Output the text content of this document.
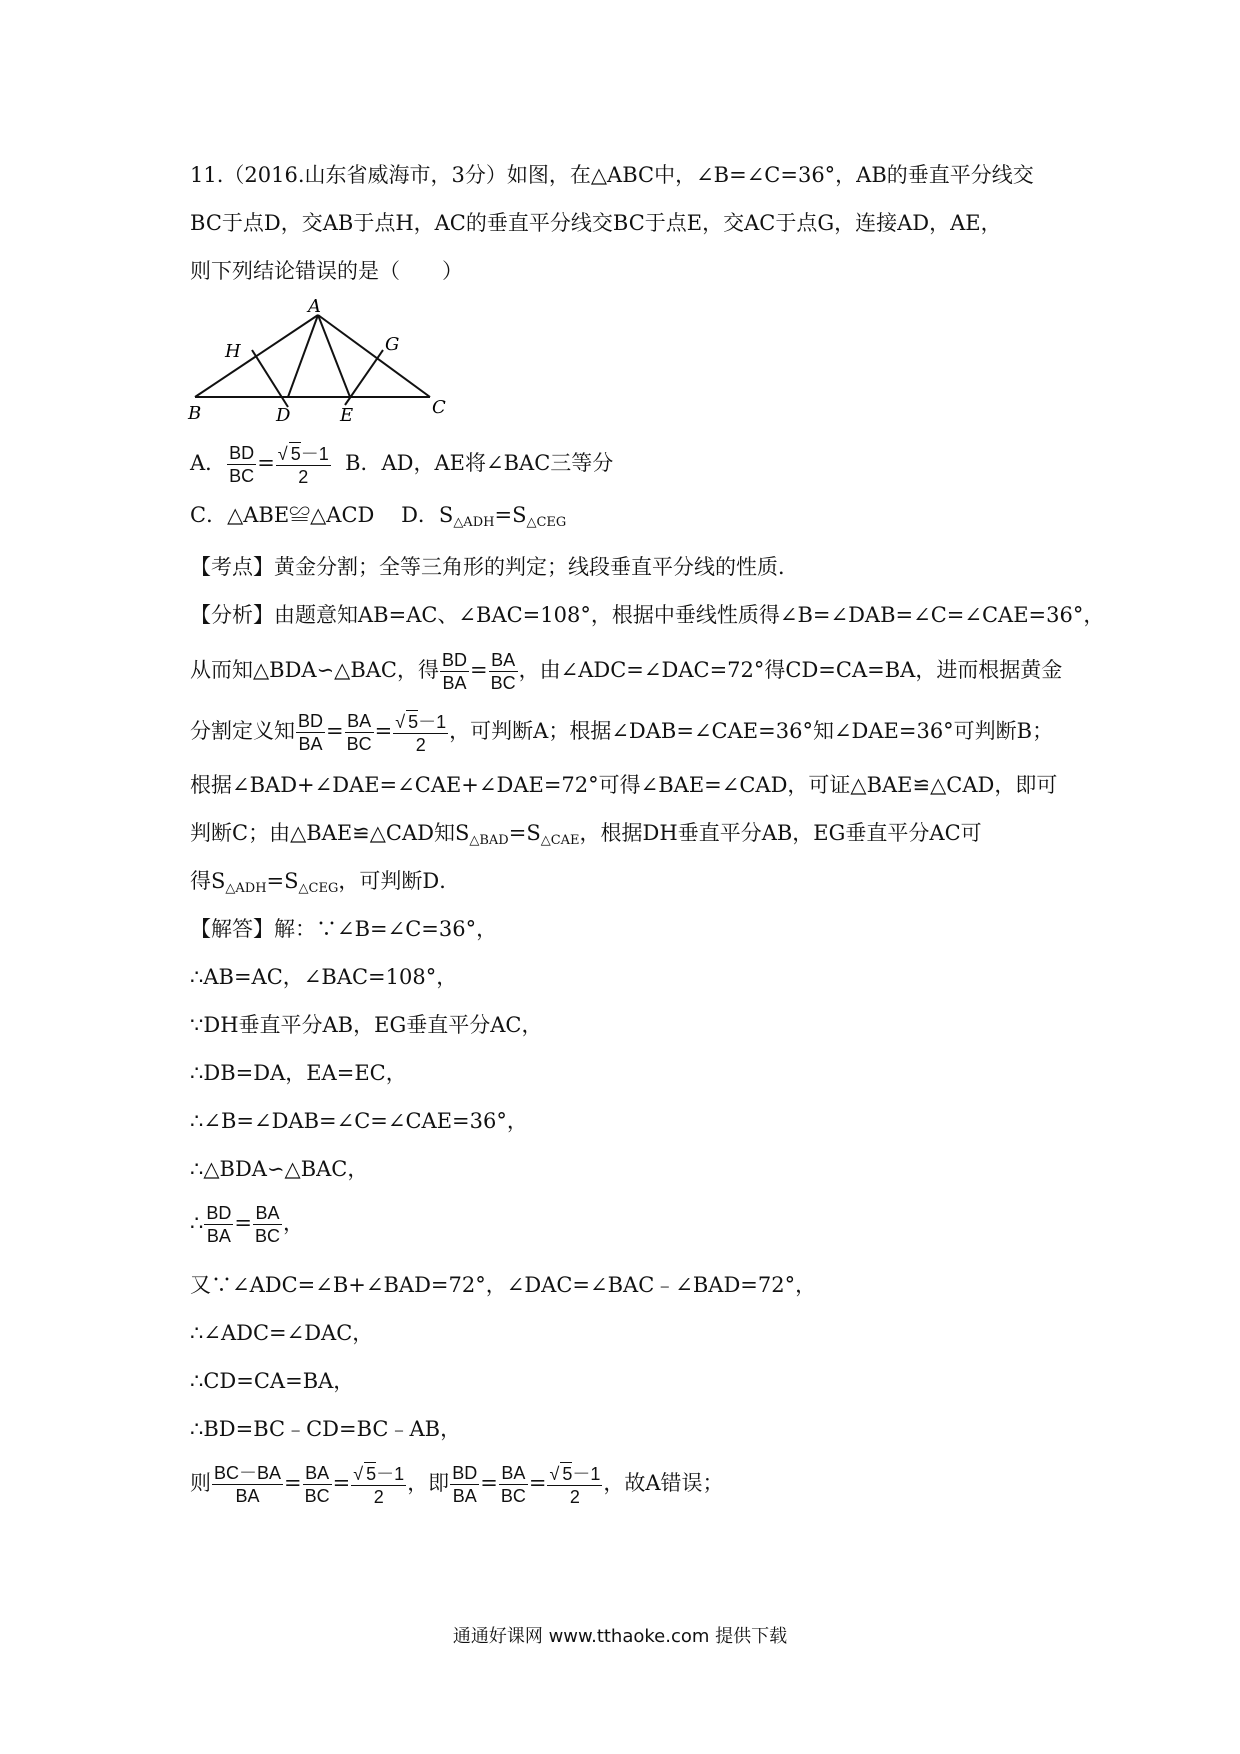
11.（2016.山东省威海市，3分）如图，在△ABC中，∠B=∠C=36°，AB的垂直平分线交
BC于点D，交AB于点H，AC的垂直平分线交BC于点E，交AC于点G，连接AD，AE，
则下列结论错误的是（　　）
A
B	C
D	E
H	G
A． $\frac{BD}{BC} = \frac{√ 5-1}{2}$ B．AD，AE将∠BAC三等分
C．△ABE≌△ACD D．$S_{\triangle ADH}=S_{\triangle CEG}$
【考点】黄金分割；全等三角形的判定；线段垂直平分线的性质．
【分析】由题意知AB=AC、∠BAC=108°，根据中垂线性质得∠B=∠DAB=∠C=∠CAE=36°，
从而知△BDA∽△BAC，得 $\frac{BD}{BA} = \frac{BA}{BC}$ ，由∠ADC=∠DAC=72°得CD=CA=BA，进而根据黄金
分割定义知 $\frac{BD}{BA} = \frac{BA}{BC} = \frac{√ 5-1}{2}$ ，可判断A；根据∠DAB=∠CAE=36°知∠DAE=36°可判断B；
根据∠BAD+∠DAE=∠CAE+∠DAE=72°可得∠BAE=∠CAD，可证△BAE≌△CAD，即可
判断C；由△BAE≌△CAD知$S_{\triangle BAD}=S_{\triangle CAE}$，根据DH垂直平分AB，EG垂直平分AC可
得$S_{\triangle ADH}=S_{\triangle CEG}$，可判断D．
【解答】解：∵∠B=∠C=36°，
∴AB=AC，∠BAC=108°，
∵DH垂直平分AB，EG垂直平分AC，
∴DB=DA，EA=EC，
∴∠B=∠DAB=∠C=∠CAE=36°，
∴△BDA∽△BAC，
∴ $\frac{BD}{BA} = \frac{BA}{BC}$ ，
又∵∠ADC=∠B+∠BAD=72°，∠DAC=∠BAC﹣∠BAD=72°，
∴∠ADC=∠DAC，
∴CD=CA=BA，
∴BD=BC﹣CD=BC﹣AB，
则 $\frac{BC-BA}{BA} = \frac{BA}{BC} = \frac{√ 5-1}{2}$ ，即 $\frac{BD}{BA} = \frac{BA}{BC} = \frac{√ 5-1}{2}$ ，故A错误；
通通好课网 www.tthaoke.com 提供下载
